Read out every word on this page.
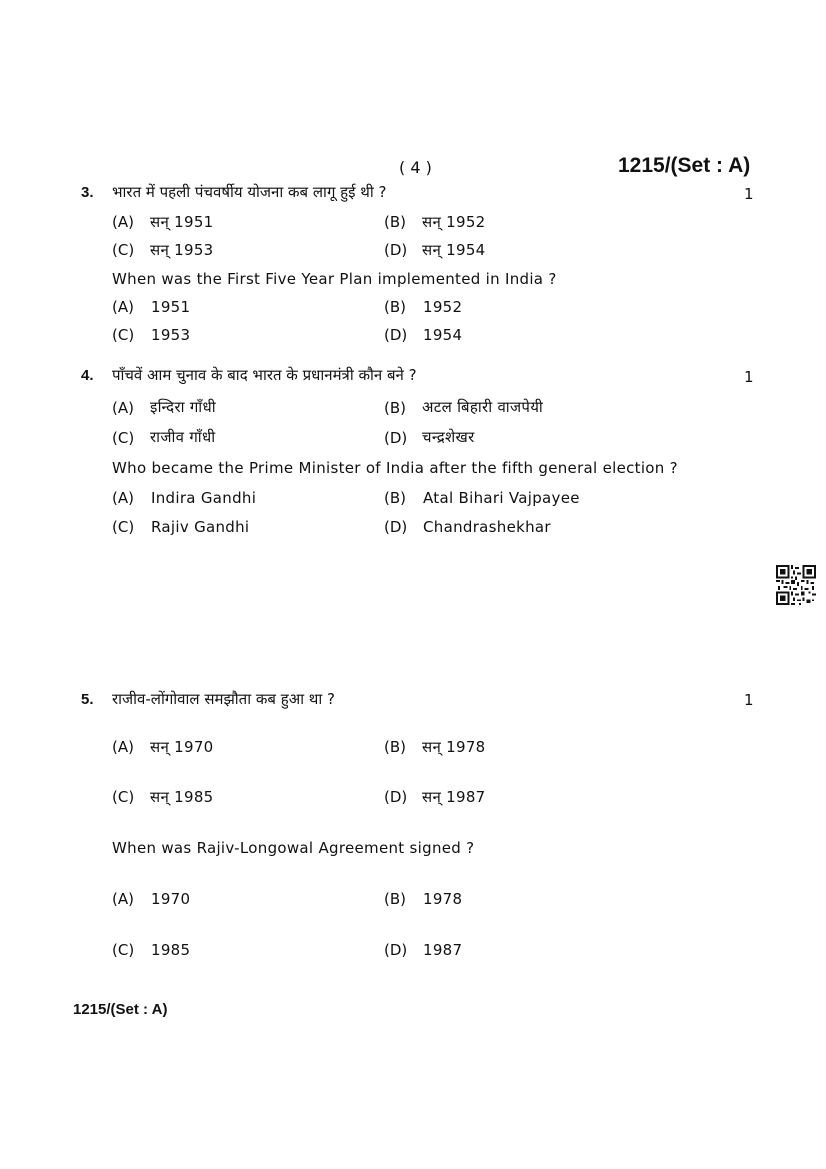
( 4 )	1215/(Set : A)
3. भारत में पहली पंचवर्षीय योजना कब लागू हुई थी ?	1
(A) सन् 1951	(B) सन् 1952
(C) सन् 1953	(D) सन् 1954
When was the First Five Year Plan implemented in India ?
(A) 1951	(B) 1952
(C) 1953	(D) 1954
4. पाँचवें आम चुनाव के बाद भारत के प्रधानमंत्री कौन बने ?	1
(A) इन्दिरा गाँधी	(B) अटल बिहारी वाजपेयी
(C) राजीव गाँधी	(D) चन्द्रशेखर
Who became the Prime Minister of India after the fifth general election ?
(A) Indira Gandhi	(B) Atal Bihari Vajpayee
(C) Rajiv Gandhi	(D) Chandrashekhar
5. राजीव-लोंगोवाल समझौता कब हुआ था ?	1
(A) सन् 1970	(B) सन् 1978
(C) सन् 1985	(D) सन् 1987
When was Rajiv-Longowal Agreement signed ?
(A) 1970	(B) 1978
(C) 1985	(D) 1987
1215/(Set : A)
